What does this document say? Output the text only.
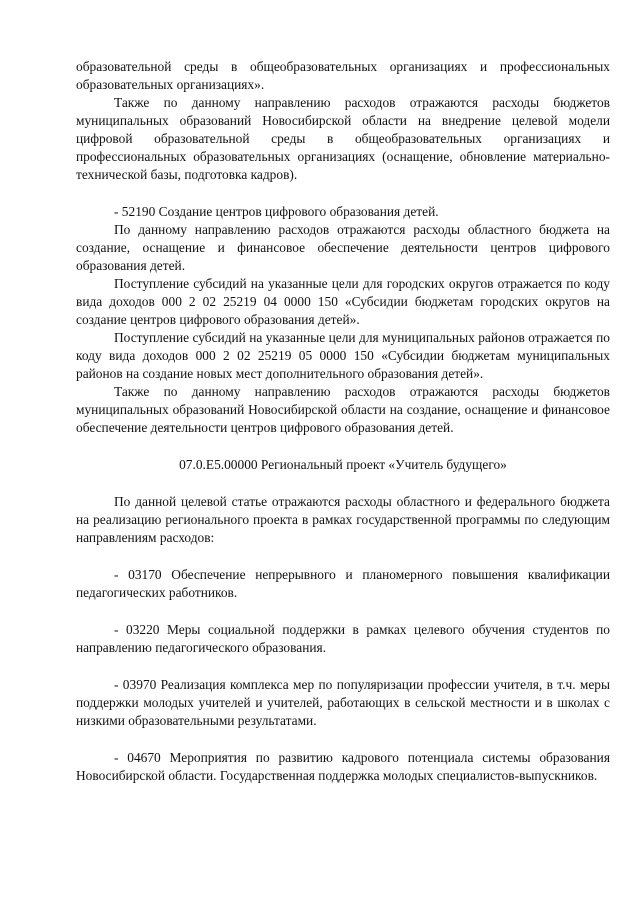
образовательной среды в общеобразовательных организациях и профессиональных образовательных организациях».

Также по данному направлению расходов отражаются расходы бюджетов муниципальных образований Новосибирской области на внедрение целевой модели цифровой образовательной среды в общеобразовательных организациях и профессиональных образовательных организациях (оснащение, обновление материально-технической базы, подготовка кадров).

- 52190 Создание центров цифрового образования детей.

По данному направлению расходов отражаются расходы областного бюджета на создание, оснащение и финансовое обеспечение деятельности центров цифрового образования детей.

Поступление субсидий на указанные цели для городских округов отражается по коду вида доходов 000 2 02 25219 04 0000 150 «Субсидии бюджетам городских округов на создание центров цифрового образования детей».

Поступление субсидий на указанные цели для муниципальных районов отражается по коду вида доходов 000 2 02 25219 05 0000 150 «Субсидии бюджетам муниципальных районов на создание новых мест дополнительного образования детей».

Также по данному направлению расходов отражаются расходы бюджетов муниципальных образований Новосибирской области на создание, оснащение и финансовое обеспечение деятельности центров цифрового образования детей.

07.0.Е5.00000 Региональный проект «Учитель будущего»

По данной целевой статье отражаются расходы областного и федерального бюджета на реализацию регионального проекта в рамках государственной программы по следующим направлениям расходов:

- 03170 Обеспечение непрерывного и планомерного повышения квалификации педагогических работников.

- 03220 Меры социальной поддержки в рамках целевого обучения студентов по направлению педагогического образования.

- 03970 Реализация комплекса мер по популяризации профессии учителя, в т.ч. меры поддержки молодых учителей и учителей, работающих в сельской местности и в школах с низкими образовательными результатами.

- 04670 Мероприятия по развитию кадрового потенциала системы образования Новосибирской области. Государственная поддержка молодых специалистов-выпускников.
